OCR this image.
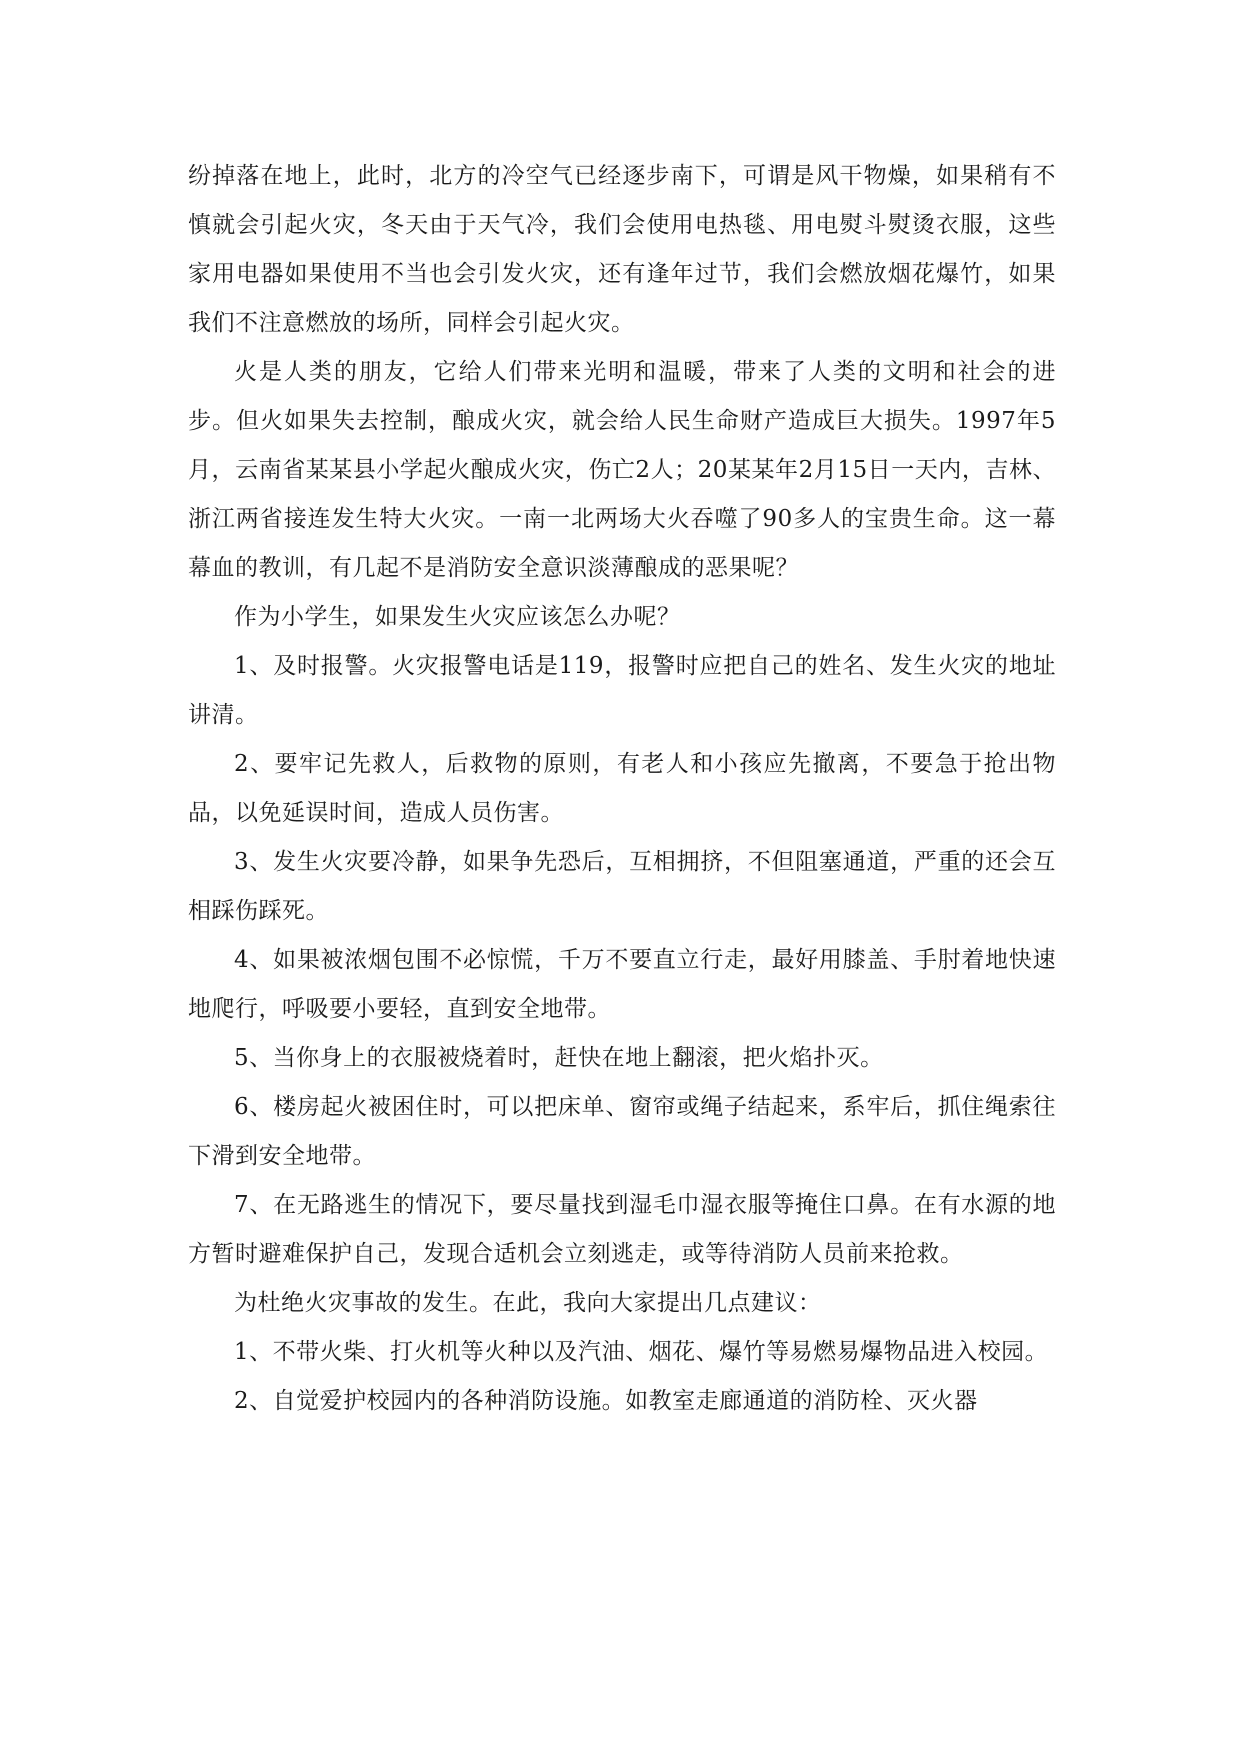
纷掉落在地上，此时，北方的冷空气已经逐步南下，可谓是风干物燥，如果稍有不慎就会引起火灾，冬天由于天气冷，我们会使用电热毯、用电熨斗熨烫衣服，这些家用电器如果使用不当也会引发火灾，还有逢年过节，我们会燃放烟花爆竹，如果我们不注意燃放的场所，同样会引起火灾。

火是人类的朋友，它给人们带来光明和温暖，带来了人类的文明和社会的进步。但火如果失去控制，酿成火灾，就会给人民生命财产造成巨大损失。1997年5月，云南省某某县小学起火酿成火灾，伤亡2人；20某某年2月15日一天内，吉林、浙江两省接连发生特大火灾。一南一北两场大火吞噬了90多人的宝贵生命。这一幕幕血的教训，有几起不是消防安全意识淡薄酿成的恶果呢？

作为小学生，如果发生火灾应该怎么办呢？

1、及时报警。火灾报警电话是119，报警时应把自己的姓名、发生火灾的地址讲清。

2、要牢记先救人，后救物的原则，有老人和小孩应先撤离，不要急于抢出物品，以免延误时间，造成人员伤害。

3、发生火灾要冷静，如果争先恐后，互相拥挤，不但阻塞通道，严重的还会互相踩伤踩死。

4、如果被浓烟包围不必惊慌，千万不要直立行走，最好用膝盖、手肘着地快速地爬行，呼吸要小要轻，直到安全地带。

5、当你身上的衣服被烧着时，赶快在地上翻滚，把火焰扑灭。

6、楼房起火被困住时，可以把床单、窗帘或绳子结起来，系牢后，抓住绳索往下滑到安全地带。

7、在无路逃生的情况下，要尽量找到湿毛巾湿衣服等掩住口鼻。在有水源的地方暂时避难保护自己，发现合适机会立刻逃走，或等待消防人员前来抢救。

为杜绝火灾事故的发生。在此，我向大家提出几点建议：

1、不带火柴、打火机等火种以及汽油、烟花、爆竹等易燃易爆物品进入校园。

2、自觉爱护校园内的各种消防设施。如教室走廊通道的消防栓、灭火器
